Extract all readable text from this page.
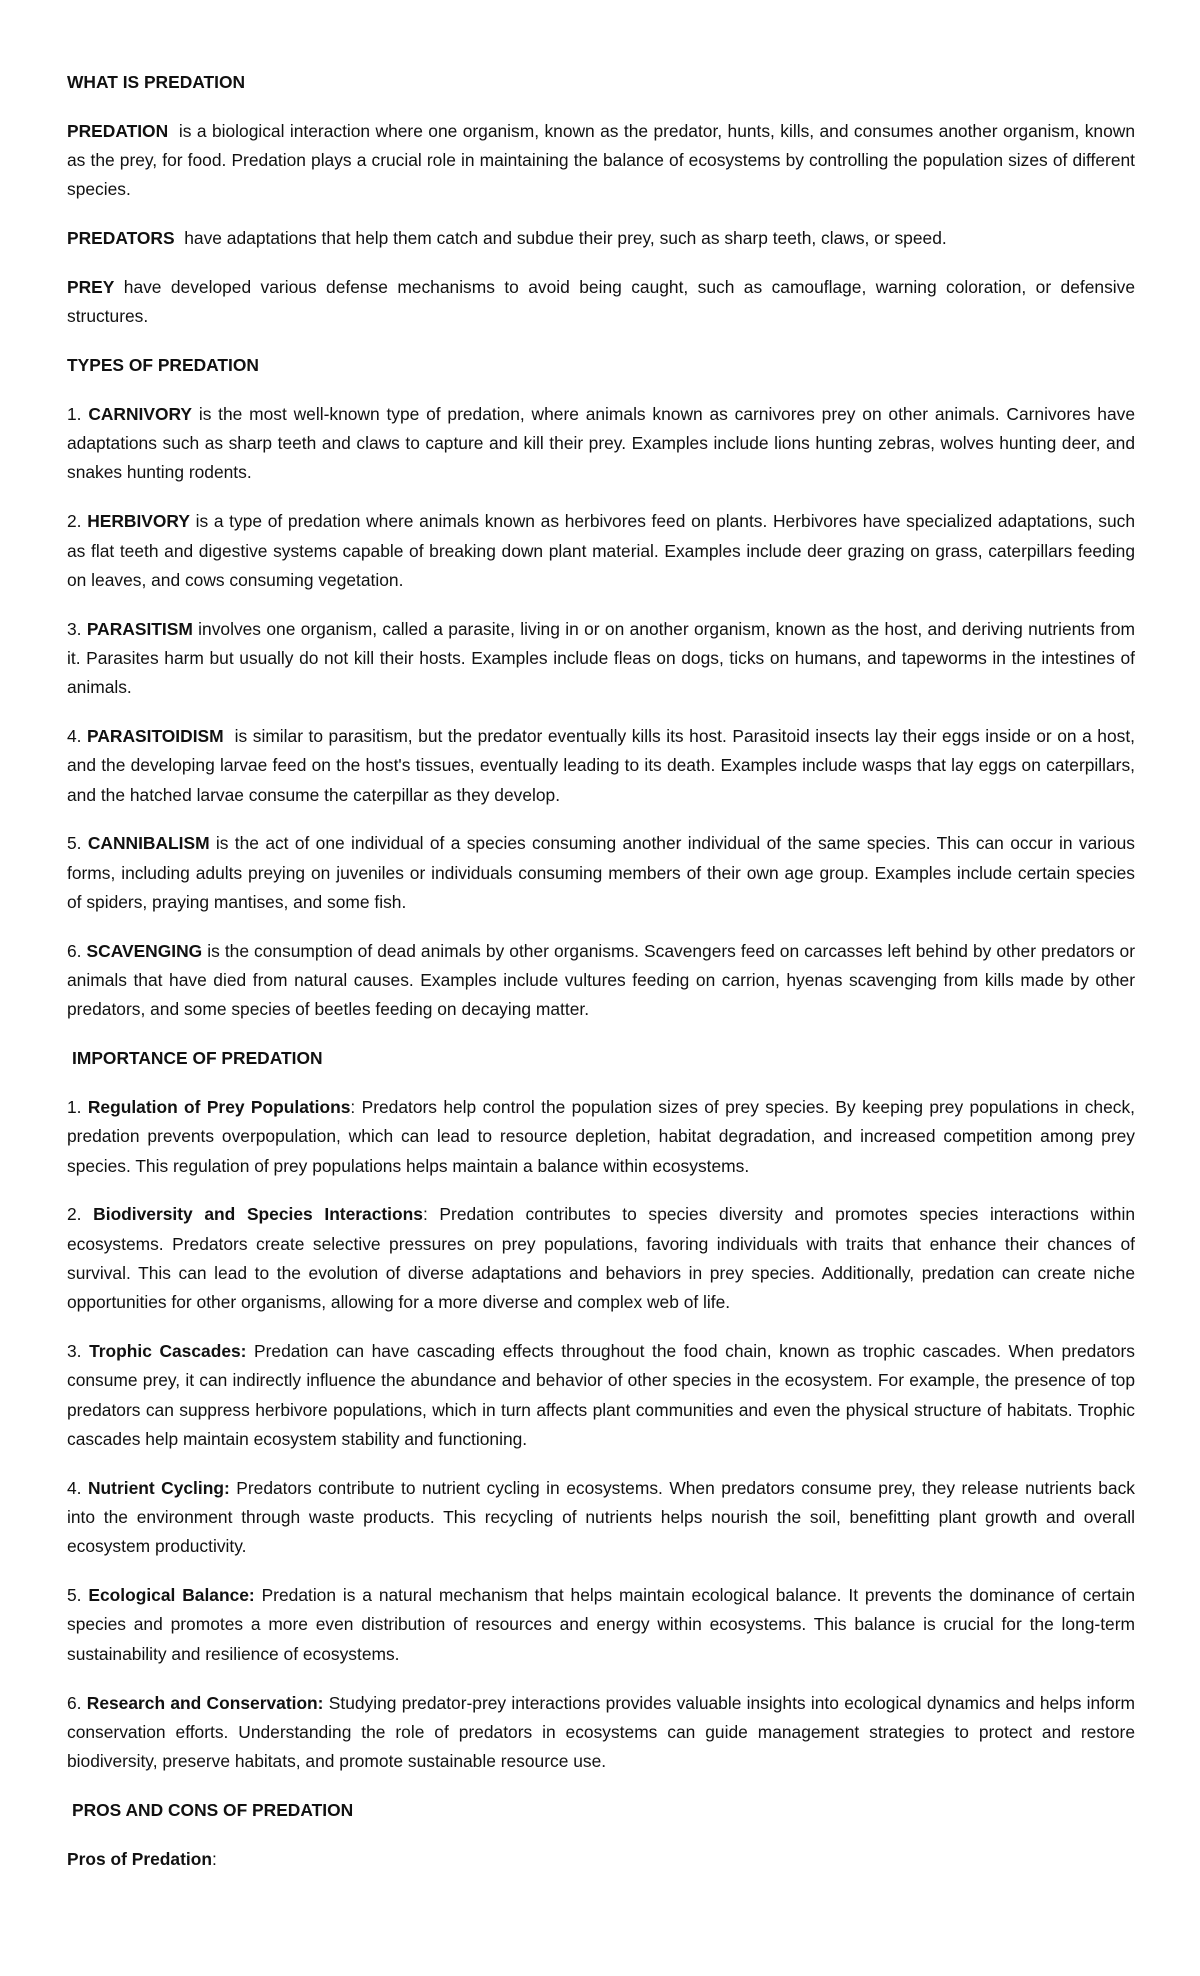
WHAT IS PREDATION

PREDATION  is a biological interaction where one organism, known as the predator, hunts, kills, and consumes another organism, known as the prey, for food. Predation plays a crucial role in maintaining the balance of ecosystems by controlling the population sizes of different species.

PREDATORS  have adaptations that help them catch and subdue their prey, such as sharp teeth, claws, or speed.

PREY have developed various defense mechanisms to avoid being caught, such as camouflage, warning coloration, or defensive structures.

TYPES OF PREDATION

1. CARNIVORY is the most well-known type of predation, where animals known as carnivores prey on other animals. Carnivores have adaptations such as sharp teeth and claws to capture and kill their prey. Examples include lions hunting zebras, wolves hunting deer, and snakes hunting rodents.

2. HERBIVORY is a type of predation where animals known as herbivores feed on plants. Herbivores have specialized adaptations, such as flat teeth and digestive systems capable of breaking down plant material. Examples include deer grazing on grass, caterpillars feeding on leaves, and cows consuming vegetation.

3. PARASITISM involves one organism, called a parasite, living in or on another organism, known as the host, and deriving nutrients from it. Parasites harm but usually do not kill their hosts. Examples include fleas on dogs, ticks on humans, and tapeworms in the intestines of animals.

4. PARASITOIDISM  is similar to parasitism, but the predator eventually kills its host. Parasitoid insects lay their eggs inside or on a host, and the developing larvae feed on the host's tissues, eventually leading to its death. Examples include wasps that lay eggs on caterpillars, and the hatched larvae consume the caterpillar as they develop.

5. CANNIBALISM is the act of one individual of a species consuming another individual of the same species. This can occur in various forms, including adults preying on juveniles or individuals consuming members of their own age group. Examples include certain species of spiders, praying mantises, and some fish.

6. SCAVENGING is the consumption of dead animals by other organisms. Scavengers feed on carcasses left behind by other predators or animals that have died from natural causes. Examples include vultures feeding on carrion, hyenas scavenging from kills made by other predators, and some species of beetles feeding on decaying matter.

IMPORTANCE OF PREDATION

1. Regulation of Prey Populations: Predators help control the population sizes of prey species. By keeping prey populations in check, predation prevents overpopulation, which can lead to resource depletion, habitat degradation, and increased competition among prey species. This regulation of prey populations helps maintain a balance within ecosystems.

2. Biodiversity and Species Interactions: Predation contributes to species diversity and promotes species interactions within ecosystems. Predators create selective pressures on prey populations, favoring individuals with traits that enhance their chances of survival. This can lead to the evolution of diverse adaptations and behaviors in prey species. Additionally, predation can create niche opportunities for other organisms, allowing for a more diverse and complex web of life.

3. Trophic Cascades: Predation can have cascading effects throughout the food chain, known as trophic cascades. When predators consume prey, it can indirectly influence the abundance and behavior of other species in the ecosystem. For example, the presence of top predators can suppress herbivore populations, which in turn affects plant communities and even the physical structure of habitats. Trophic cascades help maintain ecosystem stability and functioning.

4. Nutrient Cycling: Predators contribute to nutrient cycling in ecosystems. When predators consume prey, they release nutrients back into the environment through waste products. This recycling of nutrients helps nourish the soil, benefitting plant growth and overall ecosystem productivity.

5. Ecological Balance: Predation is a natural mechanism that helps maintain ecological balance. It prevents the dominance of certain species and promotes a more even distribution of resources and energy within ecosystems. This balance is crucial for the long-term sustainability and resilience of ecosystems.

6. Research and Conservation: Studying predator-prey interactions provides valuable insights into ecological dynamics and helps inform conservation efforts. Understanding the role of predators in ecosystems can guide management strategies to protect and restore biodiversity, preserve habitats, and promote sustainable resource use.

PROS AND CONS OF PREDATION

Pros of Predation:
